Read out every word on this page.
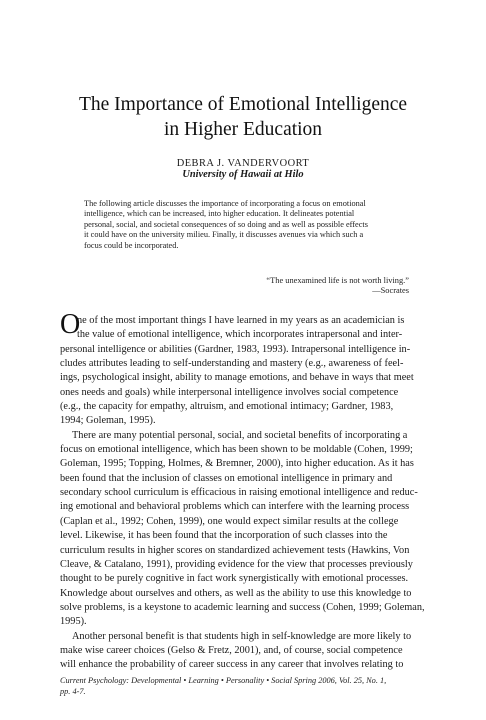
The Importance of Emotional Intelligence
in Higher Education
DEBRA J. VANDERVOORT
University of Hawaii at Hilo
The following article discusses the importance of incorporating a focus on emotional
intelligence, which can be increased, into higher education. It delineates potential
personal, social, and societal consequences of so doing and as well as possible effects
it could have on the university milieu. Finally, it discusses avenues via which such a
focus could be incorporated.
“The unexamined life is not worth living.”
—Socrates
O
ne of the most important things I have learned in my years as an academician is
the value of emotional intelligence, which incorporates intrapersonal and inter-
personal intelligence or abilities (Gardner, 1983, 1993). Intrapersonal intelligence in-
cludes attributes leading to self-understanding and mastery (e.g., awareness of feel-
ings, psychological insight, ability to manage emotions, and behave in ways that meet
ones needs and goals) while interpersonal intelligence involves social competence
(e.g., the capacity for empathy, altruism, and emotional intimacy; Gardner, 1983,
1994; Goleman, 1995).
There are many potential personal, social, and societal benefits of incorporating a
focus on emotional intelligence, which has been shown to be moldable (Cohen, 1999;
Goleman, 1995; Topping, Holmes, & Bremner, 2000), into higher education. As it has
been found that the inclusion of classes on emotional intelligence in primary and
secondary school curriculum is efficacious in raising emotional intelligence and reduc-
ing emotional and behavioral problems which can interfere with the learning process
(Caplan et al., 1992; Cohen, 1999), one would expect similar results at the college
level. Likewise, it has been found that the incorporation of such classes into the
curriculum results in higher scores on standardized achievement tests (Hawkins, Von
Cleave, & Catalano, 1991), providing evidence for the view that processes previously
thought to be purely cognitive in fact work synergistically with emotional processes.
Knowledge about ourselves and others, as well as the ability to use this knowledge to
solve problems, is a keystone to academic learning and success (Cohen, 1999; Goleman,
1995).
Another personal benefit is that students high in self-knowledge are more likely to
make wise career choices (Gelso & Fretz, 2001), and, of course, social competence
will enhance the probability of career success in any career that involves relating to
Current Psychology: Developmental • Learning • Personality • Social Spring 2006, Vol. 25, No. 1,
pp. 4-7.
